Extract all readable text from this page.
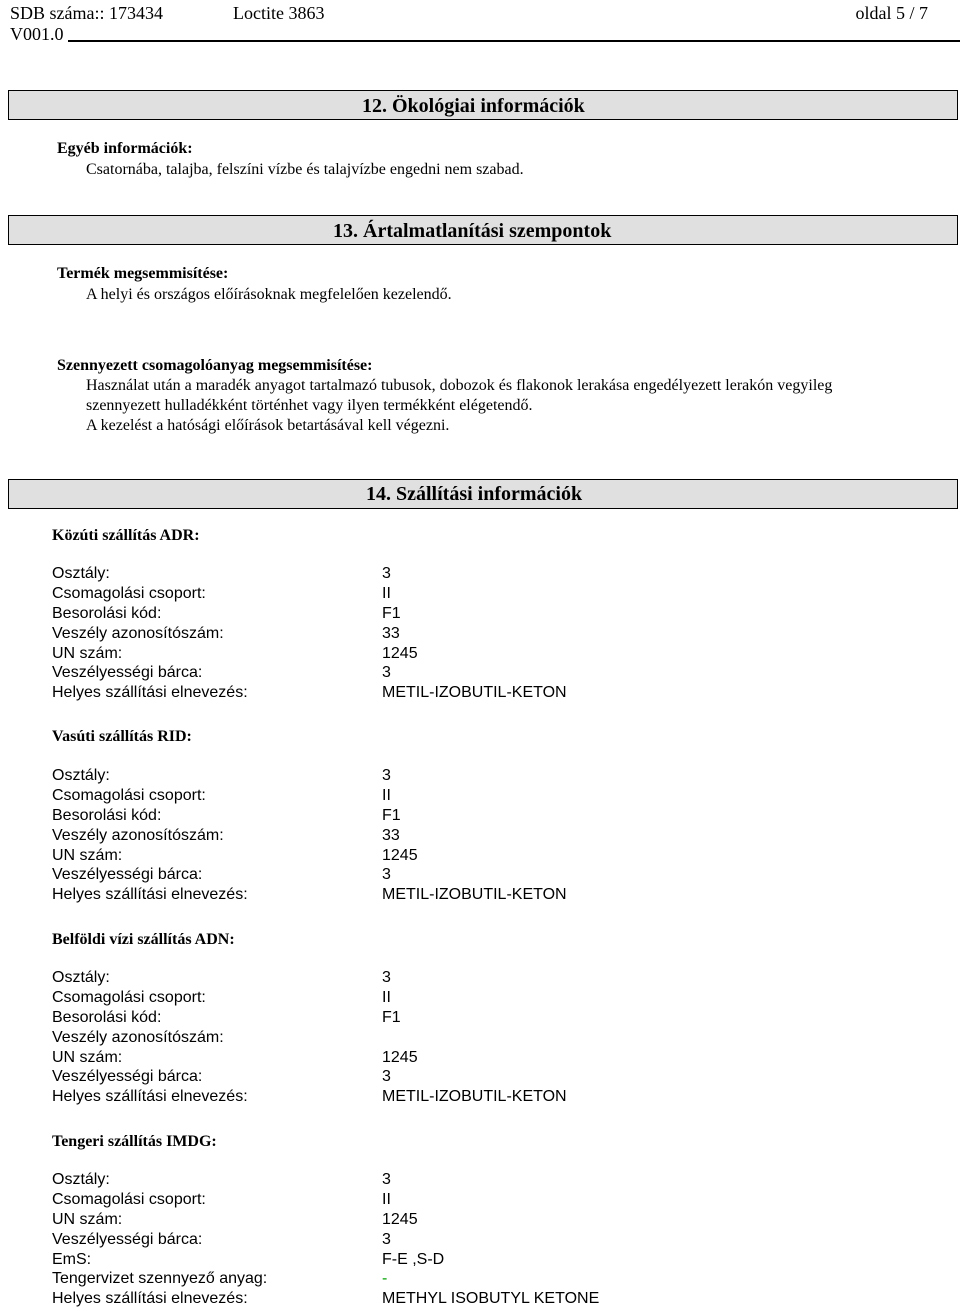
SDB száma:: 173434	Loctite 3863	oldal 5 / 7
V001.0
12. Ökológiai információk
Egyéb információk:
Csatornába, talajba, felszíni vízbe és talajvízbe engedni nem szabad.
13. Ártalmatlanítási szempontok
Termék megsemmisítése:
A helyi és országos előírásoknak megfelelően kezelendő.
Szennyezett csomagolóanyag megsemmisítése:
Használat után a maradék anyagot tartalmazó tubusok, dobozok és flakonok lerakása engedélyezett lerakón vegyileg
szennyezett hulladékként történhet vagy ilyen termékként elégetendő.
A kezelést a hatósági előírások betartásával kell végezni.
14. Szállítási információk
Közúti szállítás ADR:
Osztály:	3
Csomagolási csoport:	II
Besorolási kód:	F1
Veszély azonosítószám:	33
UN szám:	1245
Veszélyességi bárca:	3
Helyes szállítási elnevezés:	METIL-IZOBUTIL-KETON
Vasúti szállítás RID:
Osztály:	3
Csomagolási csoport:	II
Besorolási kód:	F1
Veszély azonosítószám:	33
UN szám:	1245
Veszélyességi bárca:	3
Helyes szállítási elnevezés:	METIL-IZOBUTIL-KETON
Belföldi vízi szállítás ADN:
Osztály:	3
Csomagolási csoport:	II
Besorolási kód:	F1
Veszély azonosítószám:
UN szám:	1245
Veszélyességi bárca:	3
Helyes szállítási elnevezés:	METIL-IZOBUTIL-KETON
Tengeri szállítás IMDG:
Osztály:	3
Csomagolási csoport:	II
UN szám:	1245
Veszélyességi bárca:	3
EmS:	F-E ,S-D
Tengervizet szennyező anyag:	-
Helyes szállítási elnevezés:	METHYL ISOBUTYL KETONE
